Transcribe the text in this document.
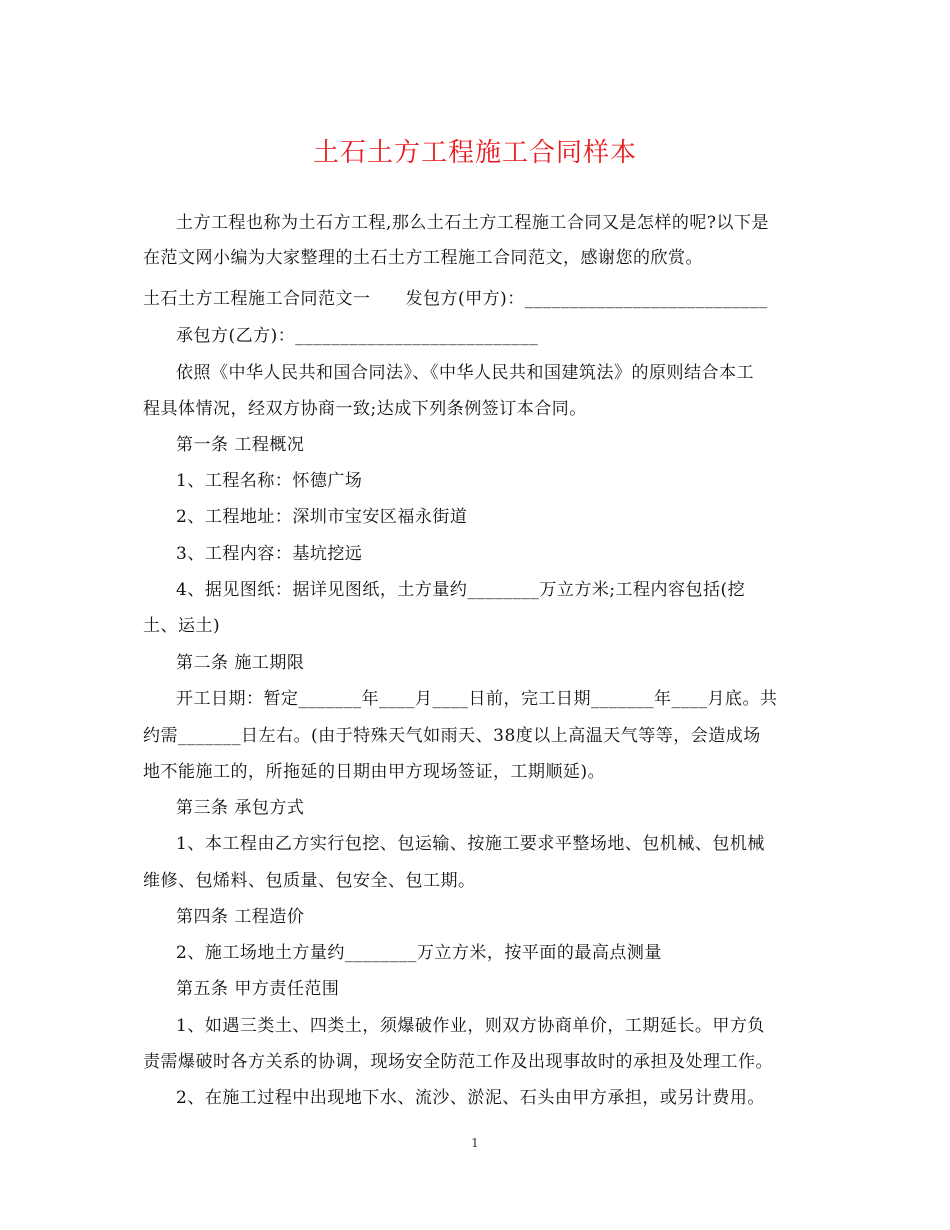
土石土方工程施工合同样本
土方工程也称为土石方工程,那么土石土方工程施工合同又是怎样的呢?以下是
在范文网小编为大家整理的土石土方工程施工合同范文，感谢您的欣赏。
土石土方工程施工合同范文一　　发包方(甲方)：___________________________
承包方(乙方)：___________________________
依照《中华人民共和国合同法》、《中华人民共和国建筑法》的原则结合本工
程具体情况，经双方协商一致;达成下列条例签订本合同。
第一条 工程概况
1、工程名称：怀德广场
2、工程地址：深圳市宝安区福永街道
3、工程内容：基坑挖远
4、据见图纸：据详见图纸，土方量约________万立方米;工程内容包括(挖
土、运土)
第二条 施工期限
开工日期：暂定_______年____月____日前，完工日期_______年____月底。共
约需_______日左右。(由于特殊天气如雨天、38度以上高温天气等等，会造成场
地不能施工的，所拖延的日期由甲方现场签证，工期顺延)。
第三条 承包方式
1、本工程由乙方实行包挖、包运输、按施工要求平整场地、包机械、包机械
维修、包烯料、包质量、包安全、包工期。
第四条 工程造价
2、施工场地土方量约________万立方米，按平面的最高点测量
第五条 甲方责任范围
1、如遇三类土、四类土，须爆破作业，则双方协商单价，工期延长。甲方负
责需爆破时各方关系的协调，现场安全防范工作及出现事故时的承担及处理工作。
2、在施工过程中出现地下水、流沙、淤泥、石头由甲方承担，或另计费用。
1
